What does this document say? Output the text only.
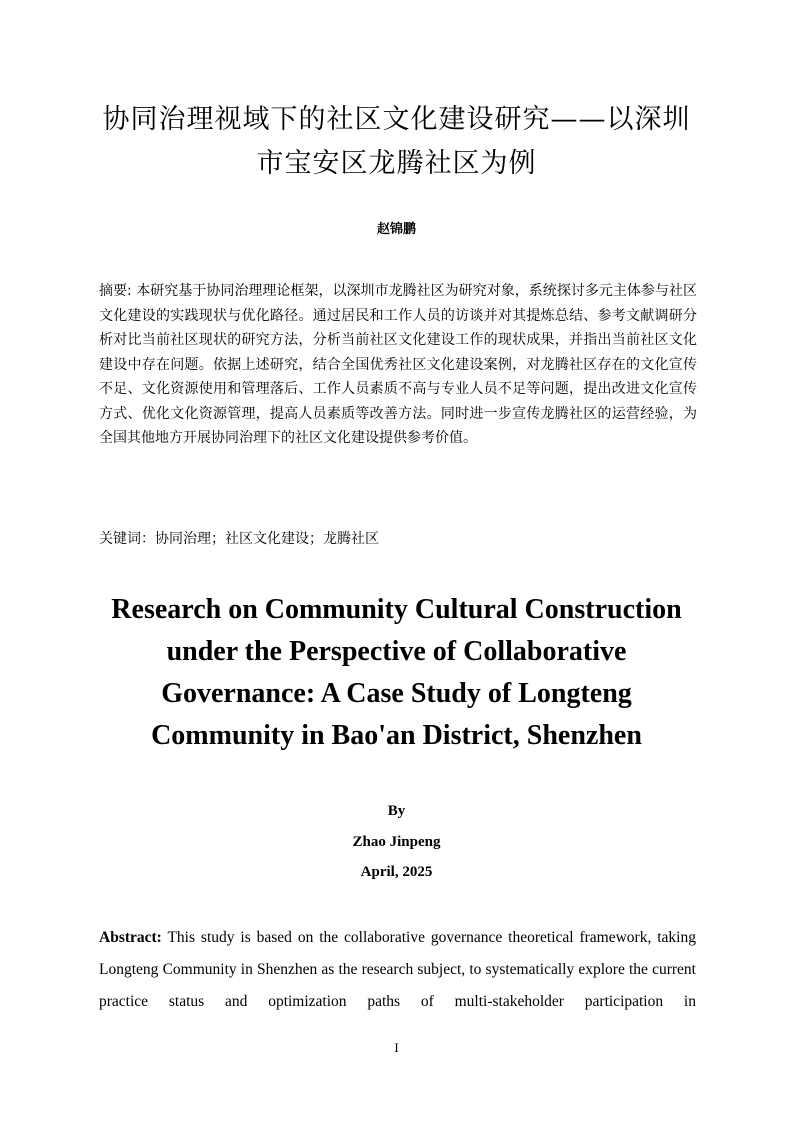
协同治理视域下的社区文化建设研究——以深圳市宝安区龙腾社区为例
赵锦鹏
摘要: 本研究基于协同治理理论框架，以深圳市龙腾社区为研究对象，系统探讨多元主体参与社区文化建设的实践现状与优化路径。通过居民和工作人员的访谈并对其提炼总结、参考文献调研分析对比当前社区现状的研究方法，分析当前社区文化建设工作的现状成果，并指出当前社区文化建设中存在问题。依据上述研究，结合全国优秀社区文化建设案例，对龙腾社区存在的文化宣传不足、文化资源使用和管理落后、工作人员素质不高与专业人员不足等问题，提出改进文化宣传方式、优化文化资源管理，提高人员素质等改善方法。同时进一步宣传龙腾社区的运营经验，为全国其他地方开展协同治理下的社区文化建设提供参考价值。
关键词：协同治理；社区文化建设；龙腾社区
Research on Community Cultural Construction under the Perspective of Collaborative Governance: A Case Study of Longteng Community in Bao'an District, Shenzhen
By
Zhao Jinpeng
April, 2025
Abstract: This study is based on the collaborative governance theoretical framework, taking Longteng Community in Shenzhen as the research subject, to systematically explore the current practice status and optimization paths of multi-stakeholder participation in
I
